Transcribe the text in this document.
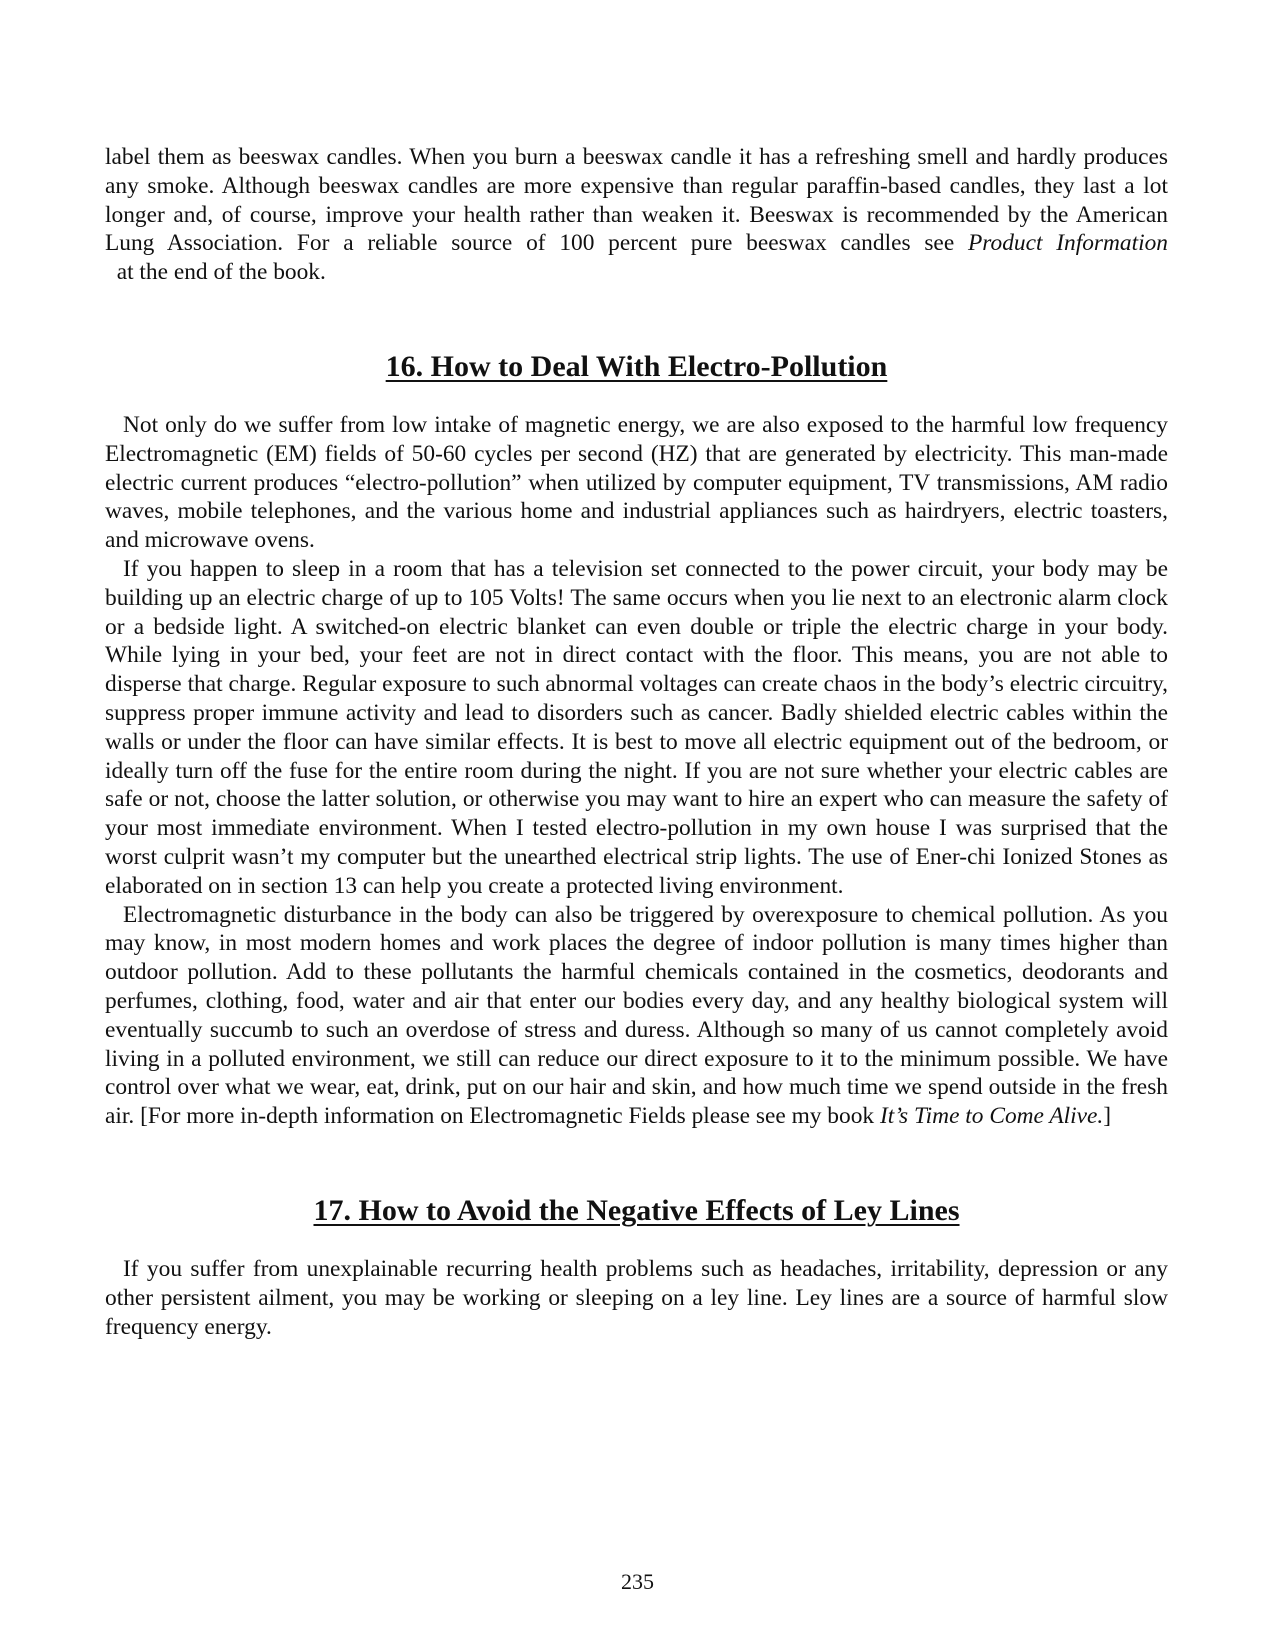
label them as beeswax candles. When you burn a beeswax candle it has a refreshing smell and hardly produces any smoke. Although beeswax candles are more expensive than regular paraffin-based candles, they last a lot longer and, of course, improve your health rather than weaken it. Beeswax is recommended by the American Lung Association. For a reliable source of 100 percent pure beeswax candles see Product Information  at the end of the book.

16. How to Deal With Electro-Pollution

Not only do we suffer from low intake of magnetic energy, we are also exposed to the harmful low frequency Electromagnetic (EM) fields of 50-60 cycles per second (HZ) that are generated by electricity. This man-made electric current produces “electro-pollution” when utilized by computer equipment, TV transmissions, AM radio waves, mobile telephones, and the various home and industrial appliances such as hairdryers, electric toasters, and microwave ovens.

If you happen to sleep in a room that has a television set connected to the power circuit, your body may be building up an electric charge of up to 105 Volts! The same occurs when you lie next to an electronic alarm clock or a bedside light. A switched-on electric blanket can even double or triple the electric charge in your body. While lying in your bed, your feet are not in direct contact with the floor. This means, you are not able to disperse that charge. Regular exposure to such abnormal voltages can create chaos in the body’s electric circuitry, suppress proper immune activity and lead to disorders such as cancer. Badly shielded electric cables within the walls or under the floor can have similar effects. It is best to move all electric equipment out of the bedroom, or ideally turn off the fuse for the entire room during the night. If you are not sure whether your electric cables are safe or not, choose the latter solution, or otherwise you may want to hire an expert who can measure the safety of your most immediate environment. When I tested electro-pollution in my own house I was surprised that the worst culprit wasn’t my computer but the unearthed electrical strip lights. The use of Ener-chi Ionized Stones as elaborated on in section 13 can help you create a protected living environment.

Electromagnetic disturbance in the body can also be triggered by overexposure to chemical pollution. As you may know, in most modern homes and work places the degree of indoor pollution is many times higher than outdoor pollution. Add to these pollutants the harmful chemicals contained in the cosmetics, deodorants and perfumes, clothing, food, water and air that enter our bodies every day, and any healthy biological system will eventually succumb to such an overdose of stress and duress. Although so many of us cannot completely avoid living in a polluted environment, we still can reduce our direct exposure to it to the minimum possible. We have control over what we wear, eat, drink, put on our hair and skin, and how much time we spend outside in the fresh air. [For more in-depth information on Electromagnetic Fields please see my book It’s Time to Come Alive.]

17. How to Avoid the Negative Effects of Ley Lines

If you suffer from unexplainable recurring health problems such as headaches, irritability, depression or any other persistent ailment, you may be working or sleeping on a ley line. Ley lines are a source of harmful slow frequency energy.

235
